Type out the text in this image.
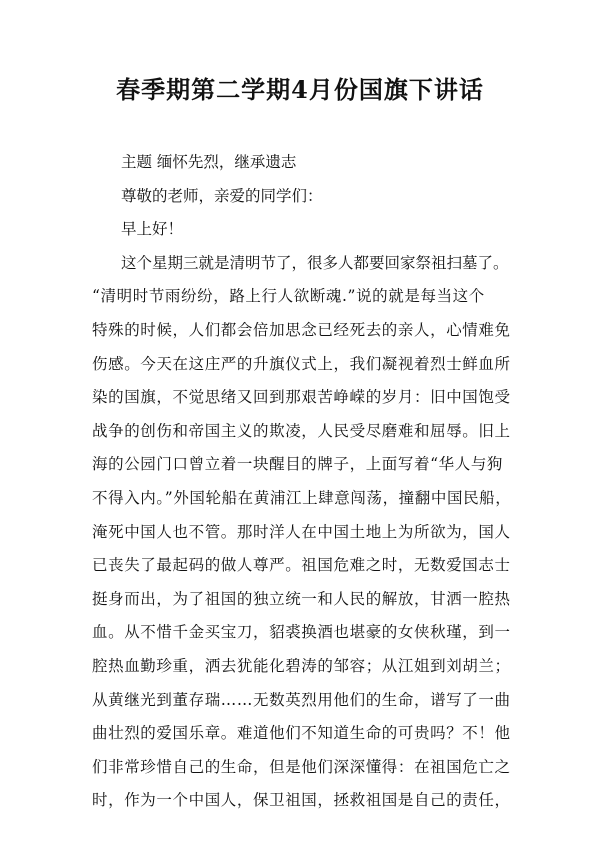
春季期第二学期4月份国旗下讲话
主题 缅怀先烈，继承遗志
尊敬的老师，亲爱的同学们：
早上好！
这个星期三就是清明节了，很多人都要回家祭祖扫墓了。
“清明时节雨纷纷，路上行人欲断魂.”说的就是每当这个
特殊的时候，人们都会倍加思念已经死去的亲人，心情难免
伤感。今天在这庄严的升旗仪式上，我们凝视着烈士鲜血所
染的国旗，不觉思绪又回到那艰苦峥嵘的岁月：旧中国饱受
战争的创伤和帝国主义的欺凌，人民受尽磨难和屈辱。旧上
海的公园门口曾立着一块醒目的牌子，上面写着“华人与狗
不得入内。”外国轮船在黄浦江上肆意闯荡，撞翻中国民船，
淹死中国人也不管。那时洋人在中国土地上为所欲为，国人
已丧失了最起码的做人尊严。祖国危难之时，无数爱国志士
挺身而出，为了祖国的独立统一和人民的解放，甘洒一腔热
血。从不惜千金买宝刀，貂裘换酒也堪豪的女侠秋瑾，到一
腔热血勤珍重，洒去犹能化碧涛的邹容；从江姐到刘胡兰；
从黄继光到董存瑞……无数英烈用他们的生命，谱写了一曲
曲壮烈的爱国乐章。难道他们不知道生命的可贵吗？不！他
们非常珍惜自己的生命，但是他们深深懂得：在祖国危亡之
时，作为一个中国人，保卫祖国，拯救祖国是自己的责任，
